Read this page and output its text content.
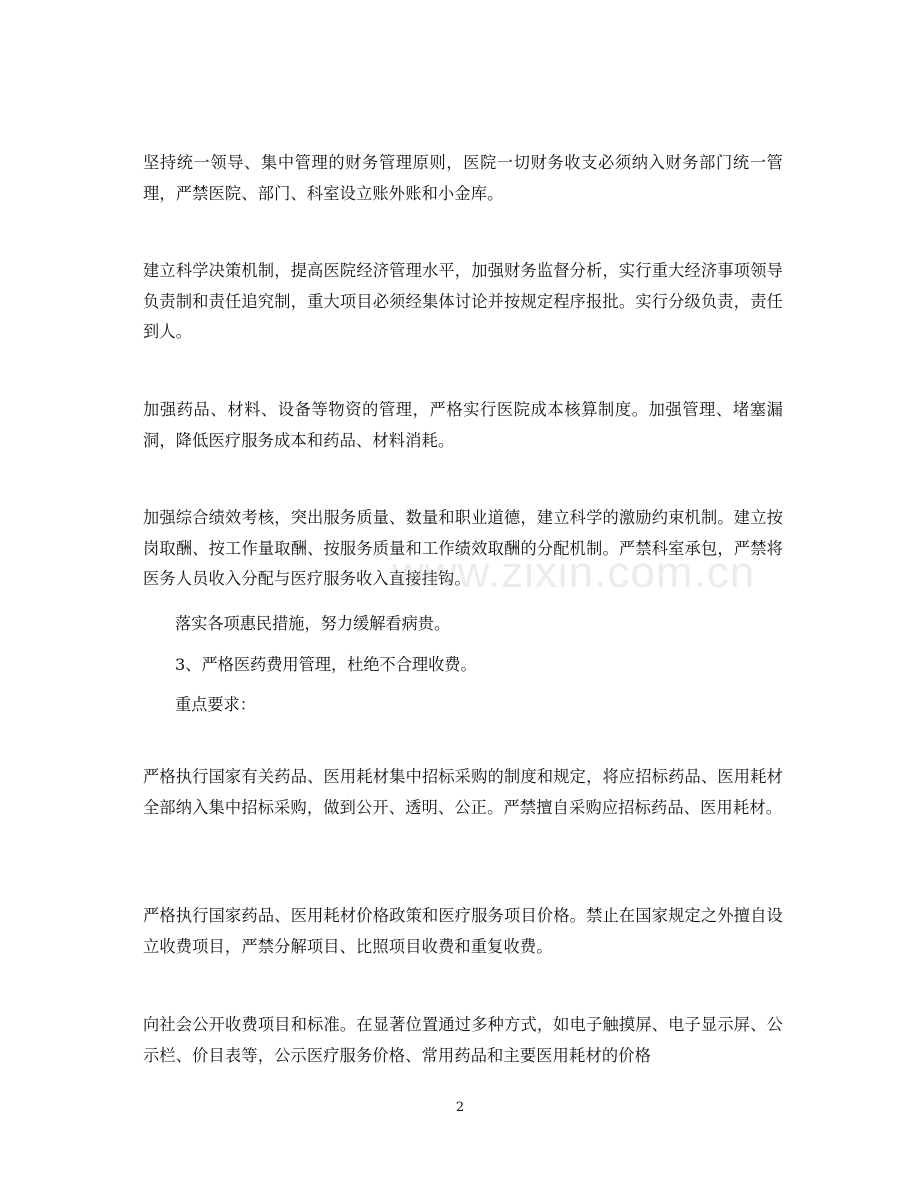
坚持统一领导、集中管理的财务管理原则，医院一切财务收支必须纳入财务部门统一管理，严禁医院、部门、科室设立账外账和小金库。

建立科学决策机制，提高医院经济管理水平，加强财务监督分析，实行重大经济事项领导负责制和责任追究制，重大项目必须经集体讨论并按规定程序报批。实行分级负责，责任到人。

加强药品、材料、设备等物资的管理，严格实行医院成本核算制度。加强管理、堵塞漏洞，降低医疗服务成本和药品、材料消耗。

加强综合绩效考核，突出服务质量、数量和职业道德，建立科学的激励约束机制。建立按岗取酬、按工作量取酬、按服务质量和工作绩效取酬的分配机制。严禁科室承包，严禁将医务人员收入分配与医疗服务收入直接挂钩。

落实各项惠民措施，努力缓解看病贵。

3、严格医药费用管理，杜绝不合理收费。

重点要求：

严格执行国家有关药品、医用耗材集中招标采购的制度和规定，将应招标药品、医用耗材全部纳入集中招标采购，做到公开、透明、公正。严禁擅自采购应招标药品、医用耗材。

严格执行国家药品、医用耗材价格政策和医疗服务项目价格。禁止在国家规定之外擅自设立收费项目，严禁分解项目、比照项目收费和重复收费。

向社会公开收费项目和标准。在显著位置通过多种方式，如电子触摸屏、电子显示屏、公示栏、价目表等，公示医疗服务价格、常用药品和主要医用耗材的价格

www.zixin.com.cn
2
